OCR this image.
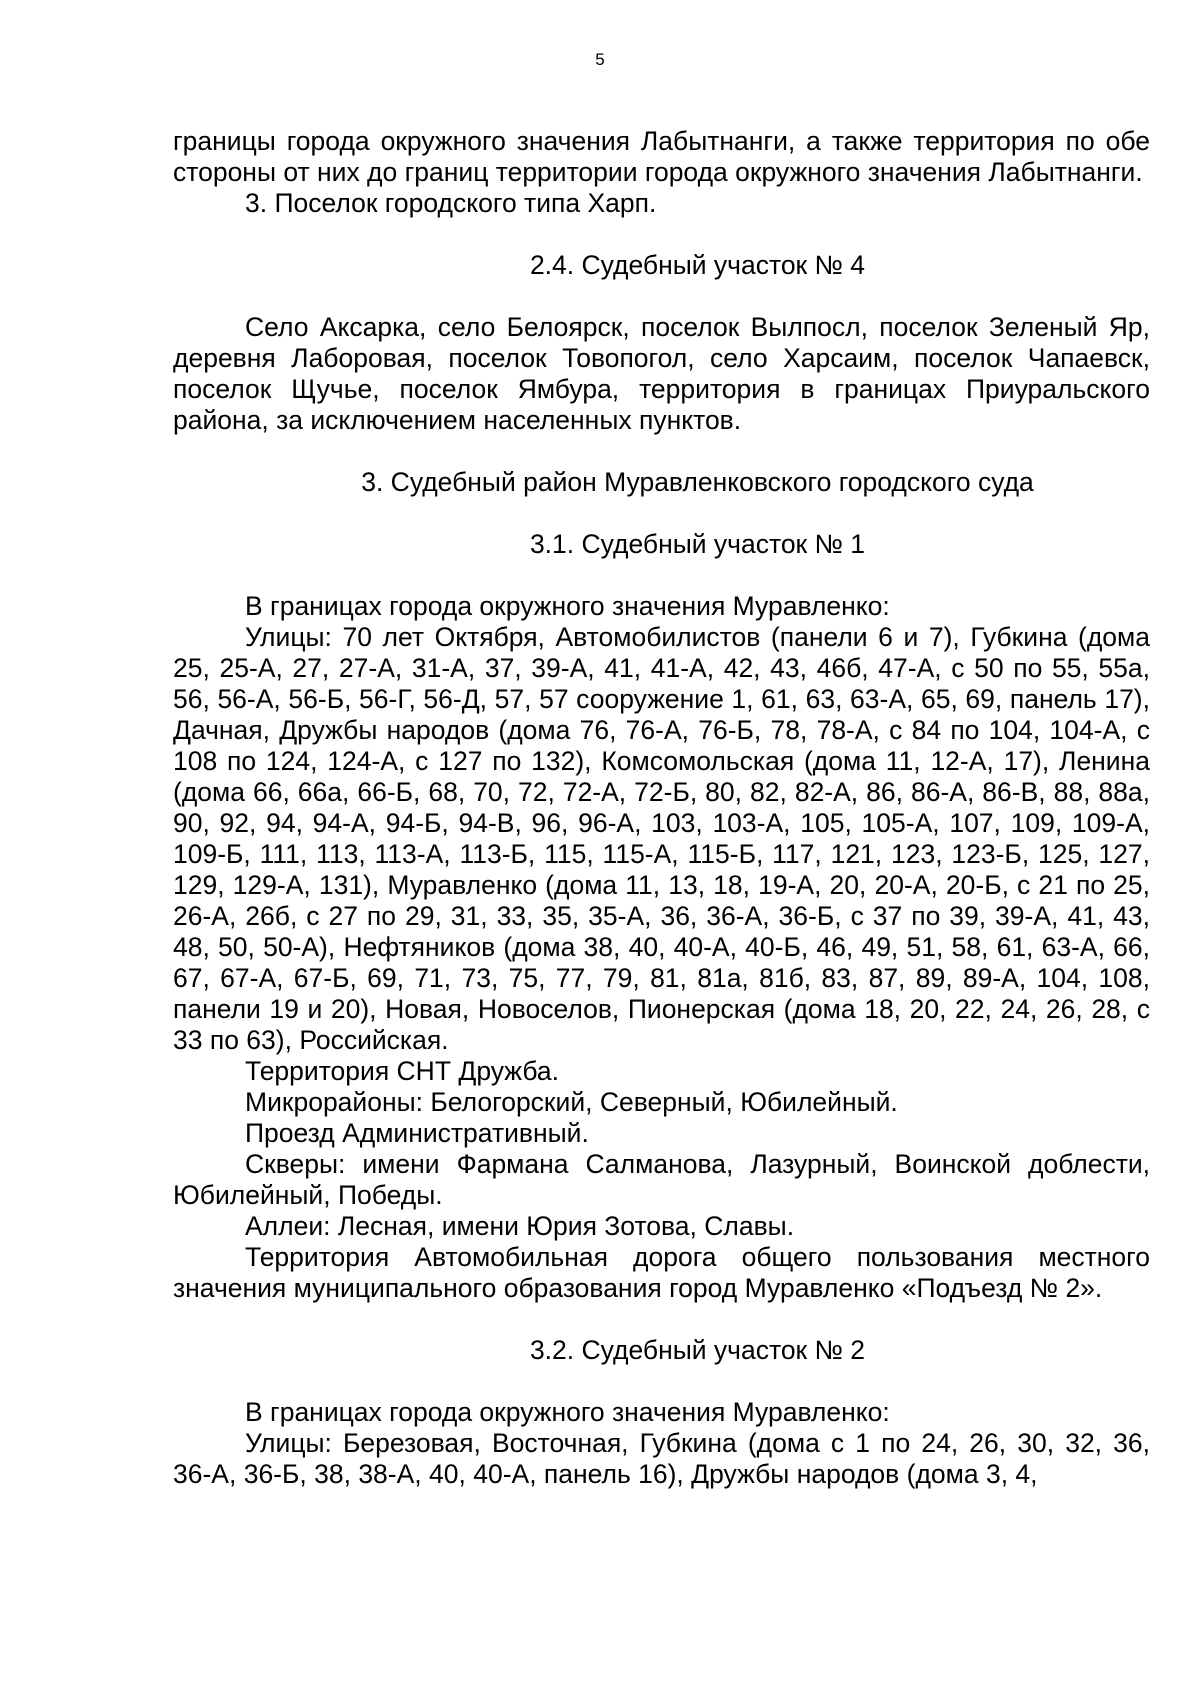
5

границы города окружного значения Лабытнанги, а также территория по обе стороны от них до границ территории города окружного значения Лабытнанги.

3. Поселок городского типа Харп.

2.4. Судебный участок № 4

Село Аксарка, село Белоярск, поселок Вылпосл, поселок Зеленый Яр, деревня Лаборовая, поселок Товопогол, село Харсаим, поселок Чапаевск, поселок Щучье, поселок Ямбура, территория в границах Приуральского района, за исключением населенных пунктов.

3. Судебный район Муравленковского городского суда

3.1. Судебный участок № 1

В границах города окружного значения Муравленко:

Улицы: 70 лет Октября, Автомобилистов (панели 6 и 7), Губкина (дома 25, 25-А, 27, 27-А, 31-А, 37, 39-А, 41, 41-А, 42, 43, 46б, 47-А, с 50 по 55, 55а, 56, 56-А, 56-Б, 56-Г, 56-Д, 57, 57 сооружение 1, 61, 63, 63-А, 65, 69, панель 17), Дачная, Дружбы народов (дома 76, 76-А, 76-Б, 78, 78-А, с 84 по 104, 104-А, с 108 по 124, 124-А, с 127 по 132), Комсомольская (дома 11, 12-А, 17), Ленина (дома 66, 66а, 66-Б, 68, 70, 72, 72-А, 72-Б, 80, 82, 82-А, 86, 86-А, 86-В, 88, 88а, 90, 92, 94, 94-А, 94-Б, 94-В, 96, 96-А, 103, 103-А, 105, 105-А, 107, 109, 109-А, 109-Б, 111, 113, 113-А, 113-Б, 115, 115-А, 115-Б, 117, 121, 123, 123-Б, 125, 127, 129, 129-А, 131), Муравленко (дома 11, 13, 18, 19-А, 20, 20-А, 20-Б, с 21 по 25, 26-А, 26б, с 27 по 29, 31, 33, 35, 35-А, 36, 36-А, 36-Б, с 37 по 39, 39-А, 41, 43, 48, 50, 50-А), Нефтяников (дома 38, 40, 40-А, 40-Б, 46, 49, 51, 58, 61, 63-А, 66, 67, 67-А, 67-Б, 69, 71, 73, 75, 77, 79, 81, 81а, 81б, 83, 87, 89, 89-А, 104, 108, панели 19 и 20), Новая, Новоселов, Пионерская (дома 18, 20, 22, 24, 26, 28, с 33 по 63), Российская.

Территория СНТ Дружба.

Микрорайоны: Белогорский, Северный, Юбилейный.

Проезд Административный.

Скверы: имени Фармана Салманова, Лазурный, Воинской доблести, Юбилейный, Победы.

Аллеи: Лесная, имени Юрия Зотова, Славы.

Территория Автомобильная дорога общего пользования местного значения муниципального образования город Муравленко «Подъезд № 2».

3.2. Судебный участок № 2

В границах города окружного значения Муравленко:

Улицы: Березовая, Восточная, Губкина (дома с 1 по 24, 26, 30, 32, 36, 36-А, 36-Б, 38, 38-А, 40, 40-А, панель 16), Дружбы народов (дома 3, 4,
